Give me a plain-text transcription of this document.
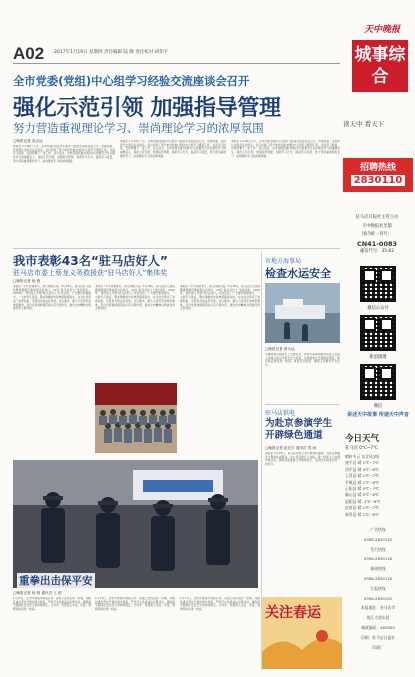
A02 2017年1月19日 星期四 责任编辑 陆 静 责任校对 胡伟平
天中晚报
城事综合
全市党委(党组)中心组学习经验交流座谈会召开
强化示范引领 加强指导管理
努力营造重视理论学习、崇尚理论学习的浓厚氛围
□晚报记者 高志远
本报讯 1月18日下午，全市党委(党组)中心组学习经验交流座谈会召开。市委常委、宣传部长出席会议并讲话。会议听取了部分单位党委(党组)中心组学习情况汇报，交流学习经验，安排部署下一步工作。会议指出，全市各级党委(党组)中心组要充分认识理论学习的重要意义，强化示范引领，加强指导管理，创新学习方式，提高学习质量，努力营造重视理论学习、崇尚理论学习的浓厚氛围。
本报讯 1月18日下午，全市党委(党组)中心组学习经验交流座谈会召开。市委常委、宣传部长出席会议并讲话。会议听取了部分单位党委(党组)中心组学习情况汇报，交流学习经验，安排部署下一步工作。会议指出，全市各级党委(党组)中心组要充分认识理论学习的重要意义，强化示范引领，加强指导管理，创新学习方式，提高学习质量，努力营造重视理论学习、崇尚理论学习的浓厚氛围。
本报讯 1月18日下午，全市党委(党组)中心组学习经验交流座谈会召开。市委常委、宣传部长出席会议并讲话。会议听取了部分单位党委(党组)中心组学习情况汇报，交流学习经验，安排部署下一步工作。会议指出，全市各级党委(党组)中心组要充分认识理论学习的重要意义，强化示范引领，加强指导管理，创新学习方式，提高学习质量，努力营造重视理论学习、崇尚理论学习的浓厚氛围。
读天中 看天下
我市表彰43名“驻马店好人”
驻马店市委上蔡龙义务救援获“驻马店好人”集体奖
□晚报记者 杨 晨
本报讯 “平凡铸就非凡，善行成就大爱。”1月18日，驻马店好人颁奖暨道德模范事迹报告会举行，43名“驻马店好人”受到表彰。2016年，我市深入开展“驻马店好人”评选活动，广大群众积极参与，一大批平凡善良、敬业奉献的先进典型脱颖而出，在全社会营造了崇德向善、见贤思齐的良好风尚。会议要求，要大力宣传先进典型事迹，充分发挥道德模范的示范引领作用，推动全市精神文明建设再上新台阶。
本报讯 “平凡铸就非凡，善行成就大爱。”1月18日，驻马店好人颁奖暨道德模范事迹报告会举行，43名“驻马店好人”受到表彰。2016年，我市深入开展“驻马店好人”评选活动，广大群众积极参与，一大批平凡善良、敬业奉献的先进典型脱颖而出，在全社会营造了崇德向善、见贤思齐的良好风尚。会议要求，要大力宣传先进典型事迹，充分发挥道德模范的示范引领作用，推动全市精神文明建设再上新台阶。
本报讯 “平凡铸就非凡，善行成就大爱。”1月18日，驻马店好人颁奖暨道德模范事迹报告会举行，43名“驻马店好人”受到表彰。2016年，我市深入开展“驻马店好人”评选活动，广大群众积极参与，一大批平凡善良、敬业奉献的先进典型脱颖而出，在全社会营造了崇德向善、见贤思齐的良好风尚。会议要求，要大力宣传先进典型事迹，充分发挥道德模范的示范引领作用，推动全市精神文明建设再上新台阶。
重拳出击保平安
□晚报记者 杨 晨 通讯员 王 波
1月17日，全市开展集中清查行动。各级公安机关统一部署，对辖区重点部位开展拉网式排查，严厉打击各类违法犯罪活动，确保春节期间社会治安大局持续稳定。行动中，民警深入车站、宾馆、网吧等场所逐一检查。
1月17日，全市开展集中清查行动。各级公安机关统一部署，对辖区重点部位开展拉网式排查，严厉打击各类违法犯罪活动，确保春节期间社会治安大局持续稳定。行动中，民警深入车站、宾馆、网吧等场所逐一检查。
1月17日，全市开展集中清查行动。各级公安机关统一部署，对辖区重点部位开展拉网式排查，严厉打击各类违法犯罪活动，确保春节期间社会治安大局持续稳定。行动中，民警深入车站、宾馆、网吧等场所逐一检查。
市地方海事局
检查水运安全
□晚报记者 黄永远
为确保春运期间水上交通安全，市地方海事局组织执法人员深入各渡口码头开展安全大检查，对船舶救生设备配备情况、船员持证情况逐一检查，排查安全隐患，确保人民群众平安出行。
驻马店供电
为赴京参演学生开辟绿色通道
□晚报记者 赵光宇 通讯员 郑 雨
本报讯 1月18日，驻马店供电公司开辟绿色通道，为赴京参演学生提供优质服务。该公司安排专人对接，第一时间上门办理用电业务，确保各项准备工作顺利进行，受到学生和家长的一致好评。
关注春运
招聘热线
2830110
驻马店日报社主管主办
天中晚报社出版
国内统一刊号：
CN41-0083
邮发代号：35-62
微信公众号
新浪微博
微信
讲述天中故事 传递天中声音
今日天气
驻马店 0℃~7℃
晴转多云 东北风3级
遂平县 晴 1℃~7℃
西平县 晴 0℃~6℃
上蔡县 晴 1℃~7℃
平舆县 晴 1℃~8℃
正阳县 晴 0℃~7℃
确山县 晴 0℃~6℃
泌阳县 晴 -1℃~6℃
汝南县 晴 1℃~7℃
新蔡县 晴 1℃~8℃
广告热线
0396-2830110
发行热线
0396-2830118
新闻热线
0396-2830116
订报热线
0396-2830120
本报地址：驻马店市
练江大道东段
邮政编码：463000
印刷：驻马店日报社
印刷厂
